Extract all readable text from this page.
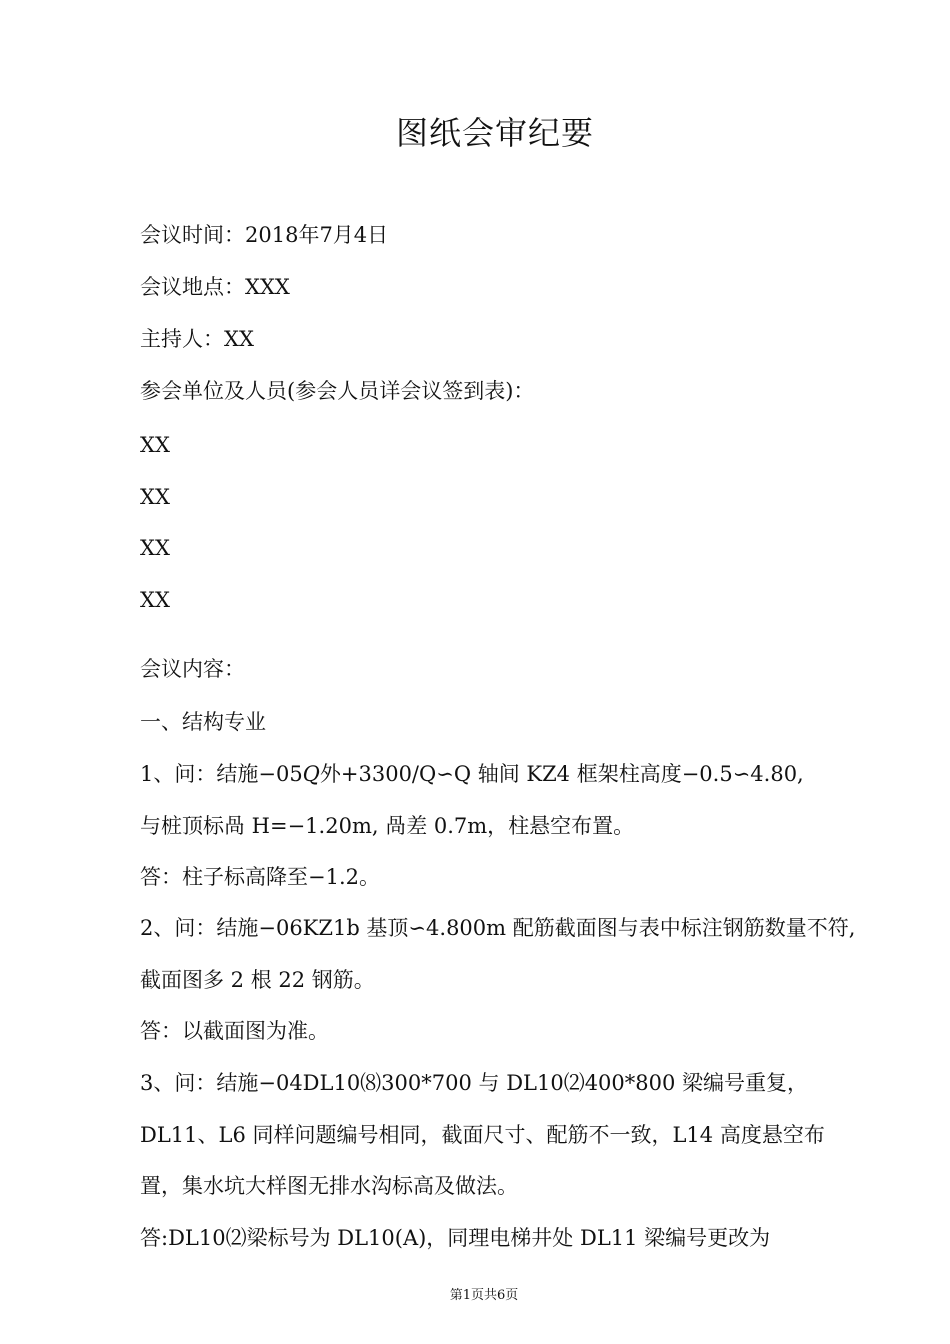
图纸会审纪要
会议时间：2018年7月4日
会议地点：XXX
主持人：XX
参会单位及人员(参会人员详会议签到表)：
XX
XX
XX
XX
会议内容：
一、结构专业
1、问：结施−05𝑄外+3300/Q∽Q 轴间 KZ4 框架柱高度−0.5∽4.80,
与桩顶标咼 H=−1.20m, 咼差 0.7m，柱悬空布置。
答：柱子标高降至−1.2。
2、问：结施−06KZ1b 基顶∽4.800m 配筋截面图与表中标注钢筋数量不符,
截面图多 2 根 22 钢筋。
答：以截面图为准。
3、问：结施−04DL10⑻300*700 与 DL10⑵400*800 梁编号重复，
DL11、L6 同样问题编号相同，截面尺寸、配筋不一致，L14 高度悬空布
置，集水坑大样图无排水沟标高及做法。
答:DL10⑵梁标号为 DL10(A)，同理电梯井处 DL11 梁编号更改为
第1页共6页
